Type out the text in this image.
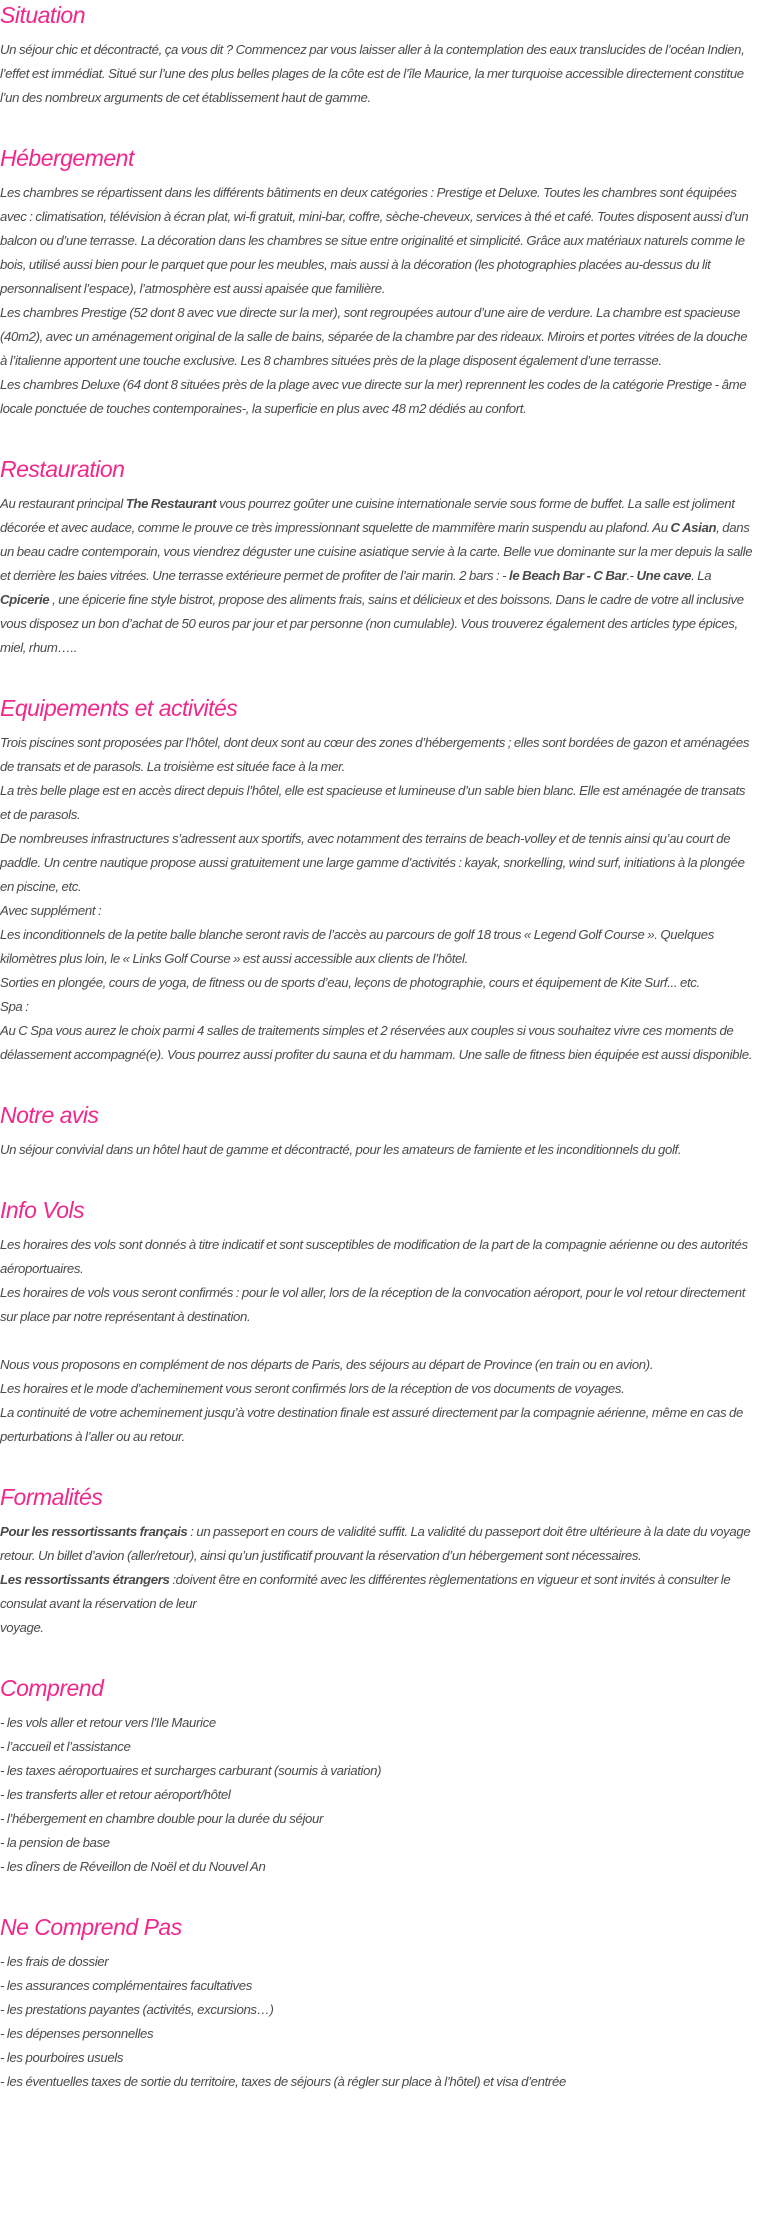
Situation

Un séjour chic et décontracté, ça vous dit ? Commencez par vous laisser aller à la contemplation des eaux translucides de l’océan Indien, l’effet est immédiat. Situé sur l’une des plus belles plages de la côte est de l’île Maurice, la mer turquoise accessible directement constitue l’un des nombreux arguments de cet établissement haut de gamme.

Hébergement

Les chambres se répartissent dans les différents bâtiments en deux catégories : Prestige et Deluxe. Toutes les chambres sont équipées avec : climatisation, télévision à écran plat, wi-fi gratuit, mini-bar, coffre, sèche-cheveux, services à thé et café. Toutes disposent aussi d’un balcon ou d’une terrasse. La décoration dans les chambres se situe entre originalité et simplicité. Grâce aux matériaux naturels comme le bois, utilisé aussi bien pour le parquet que pour les meubles, mais aussi à la décoration (les photographies placées au-dessus du lit personnalisent l’espace), l’atmosphère est aussi apaisée que familière.
Les chambres Prestige (52 dont 8 avec vue directe sur la mer), sont regroupées autour d’une aire de verdure. La chambre est spacieuse (40m2), avec un aménagement original de la salle de bains, séparée de la chambre par des rideaux. Miroirs et portes vitrées de la douche à l’italienne apportent une touche exclusive. Les 8 chambres situées près de la plage disposent également d’une terrasse.
Les chambres Deluxe (64 dont 8 situées près de la plage avec vue directe sur la mer) reprennent les codes de la catégorie Prestige - âme locale ponctuée de touches contemporaines-, la superficie en plus avec 48 m2 dédiés au confort.

Restauration

Au restaurant principal The Restaurant vous pourrez goûter une cuisine internationale servie sous forme de buffet. La salle est joliment décorée et avec audace, comme le prouve ce très impressionnant squelette de mammifère marin suspendu au plafond. Au C Asian, dans un beau cadre contemporain, vous viendrez déguster une cuisine asiatique servie à la carte. Belle vue dominante sur la mer depuis la salle et derrière les baies vitrées. Une terrasse extérieure permet de profiter de l’air marin. 2 bars : - le Beach Bar - C Bar.- Une cave. La Cpicerie , une épicerie fine style bistrot, propose des aliments frais, sains et délicieux et des boissons. Dans le cadre de votre all inclusive vous disposez un bon d’achat de 50 euros par jour et par personne (non cumulable). Vous trouverez également des articles type épices, miel, rhum…..

Equipements et activités

Trois piscines sont proposées par l’hôtel, dont deux sont au cœur des zones d’hébergements ; elles sont bordées de gazon et aménagées de transats et de parasols. La troisième est située face à la mer.
La très belle plage est en accès direct depuis l’hôtel, elle est spacieuse et lumineuse d’un sable bien blanc. Elle est aménagée de transats et de parasols.
De nombreuses infrastructures s’adressent aux sportifs, avec notamment des terrains de beach-volley et de tennis ainsi qu’au court de paddle. Un centre nautique propose aussi gratuitement une large gamme d’activités : kayak, snorkelling, wind surf, initiations à la plongée en piscine, etc.
Avec supplément :
Les inconditionnels de la petite balle blanche seront ravis de l’accès au parcours de golf 18 trous « Legend Golf Course ». Quelques kilomètres plus loin, le « Links Golf Course » est aussi accessible aux clients de l’hôtel.
Sorties en plongée, cours de yoga, de fitness ou de sports d’eau, leçons de photographie, cours et équipement de Kite Surf... etc.
Spa :
Au C Spa vous aurez le choix parmi 4 salles de traitements simples et 2 réservées aux couples si vous souhaitez vivre ces moments de délassement accompagné(e). Vous pourrez aussi profiter du sauna et du hammam. Une salle de fitness bien équipée est aussi disponible.

Notre avis

Un séjour convivial dans un hôtel haut de gamme et décontracté, pour les amateurs de farniente et les inconditionnels du golf.

Info Vols

Les horaires des vols sont donnés à titre indicatif et sont susceptibles de modification de la part de la compagnie aérienne ou des autorités aéroportuaires.
Les horaires de vols vous seront confirmés : pour le vol aller, lors de la réception de la convocation aéroport, pour le vol retour directement sur place par notre représentant à destination.
Nous vous proposons en complément de nos départs de Paris, des séjours au départ de Province (en train ou en avion).
Les horaires et le mode d’acheminement vous seront confirmés lors de la réception de vos documents de voyages.
La continuité de votre acheminement jusqu’à votre destination finale est assuré directement par la compagnie aérienne, même en cas de perturbations à l’aller ou au retour.

Formalités

Pour les ressortissants français : un passeport en cours de validité suffit. La validité du passeport doit être ultérieure à la date du voyage retour. Un billet d’avion (aller/retour), ainsi qu’un justificatif prouvant la réservation d’un hébergement sont nécessaires.
Les ressortissants étrangers :doivent être en conformité avec les différentes règlementations en vigueur et sont invités à consulter le consulat avant la réservation de leur
voyage.

Comprend
- les vols aller et retour vers l'Ile Maurice
- l’accueil et l’assistance
- les taxes aéroportuaires et surcharges carburant (soumis à variation)
- les transferts aller et retour aéroport/hôtel
- l’hébergement en chambre double pour la durée du séjour
- la pension de base
- les dîners de Réveillon de Noël et du Nouvel An
Ne Comprend Pas
- les frais de dossier
- les assurances complémentaires facultatives
- les prestations payantes (activités, excursions…)
- les dépenses personnelles
- les pourboires usuels
- les éventuelles taxes de sortie du territoire, taxes de séjours (à régler sur place à l’hôtel) et visa d’entrée
